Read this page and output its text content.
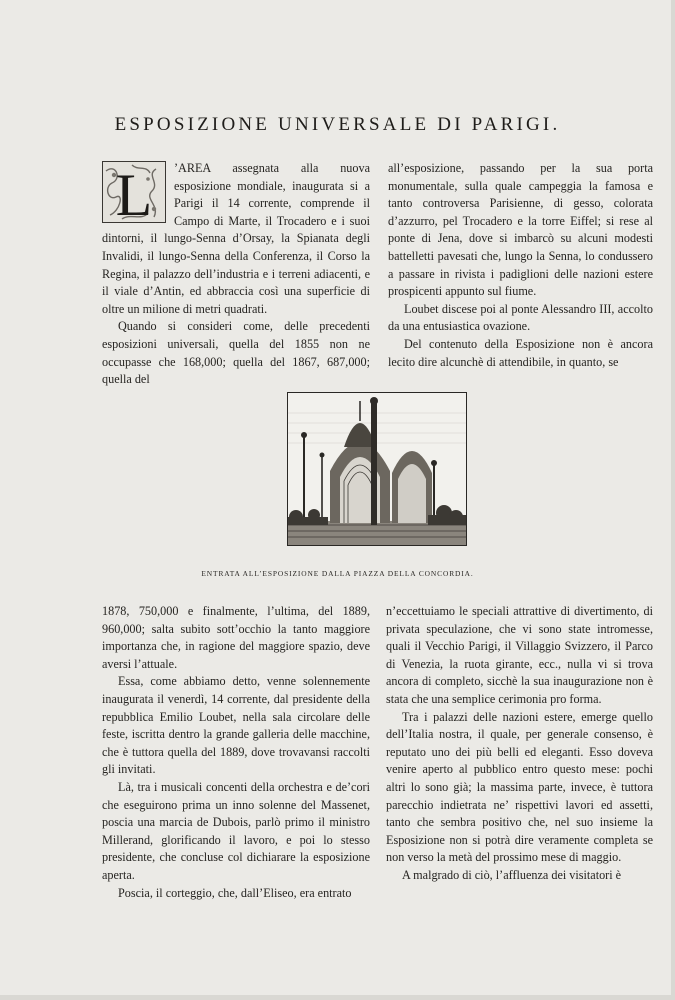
ESPOSIZIONE UNIVERSALE DI PARIGI.
L	’AREA assegnata alla nuova esposizione mondiale, inaugurata si a Parigi il 14 corrente, comprende il Campo di Marte, il Trocadero e i suoi dintorni, il lungo-Senna d’Orsay, la Spianata degli Invalidi, il lungo-Senna della Conferenza, il Corso la Regina, il palazzo dell’industria e i terreni adiacenti, e il viale d’Antin, ed abbraccia così una superficie di oltre un milione di metri quadrati.

Quando si consideri come, delle precedenti esposizioni universali, quella del 1855 non ne occupasse che 168,000; quella del 1867, 687,000; quella del

all’esposizione, passando per la sua porta monumentale, sulla quale campeggia la famosa e tanto controversa Parisienne, di gesso, colorata d’azzurro, pel Trocadero e la torre Eiffel; si rese al ponte di Jena, dove si imbarcò su alcuni modesti battelletti pavesati che, lungo la Senna, lo condussero a passare in rivista i padiglioni delle nazioni estere prospicenti appunto sul fiume.

Loubet discese poi al ponte Alessandro III, accolto da una entusiastica ovazione.

Del contenuto della Esposizione non è ancora lecito dire alcunchè di attendibile, in quanto, se

ENTRATA ALL’ESPOSIZIONE DALLA PIAZZA DELLA CONCORDIA.

1878, 750,000 e finalmente, l’ultima, del 1889, 960,000; salta subito sott’occhio la tanto maggiore importanza che, in ragione del maggiore spazio, deve aversi l’attuale.

Essa, come abbiamo detto, venne solennemente inaugurata il venerdì, 14 corrente, dal presidente della repubblica Emilio Loubet, nella sala circolare delle feste, iscritta dentro la grande galleria delle macchine, che è tuttora quella del 1889, dove trovavansi raccolti gli invitati.

Là, tra i musicali concenti della orchestra e de’cori che eseguirono prima un inno solenne del Massenet, poscia una marcia de Dubois, parlò primo il ministro Millerand, glorificando il lavoro, e poi lo stesso presidente, che concluse col dichiarare la esposizione aperta.

Poscia, il corteggio, che, dall’Eliseo, era entrato

n’eccettuiamo le speciali attrattive di divertimento, di privata speculazione, che vi sono state intromesse, quali il Vecchio Parigi, il Villaggio Svizzero, il Parco di Venezia, la ruota girante, ecc., nulla vi si trova ancora di completo, sicchè la sua inaugurazione non è stata che una semplice cerimonia pro forma.

Tra i palazzi delle nazioni estere, emerge quello dell’Italia nostra, il quale, per generale consenso, è reputato uno dei più belli ed eleganti. Esso doveva venire aperto al pubblico entro questo mese: pochi altri lo sono già; la massima parte, invece, è tuttora parecchio indietrata ne’ rispettivi lavori ed assetti, tanto che sembra positivo che, nel suo insieme la Esposizione non si potrà dire veramente completa se non verso la metà del prossimo mese di maggio.

A malgrado di ciò, l’affluenza dei visitatori è
